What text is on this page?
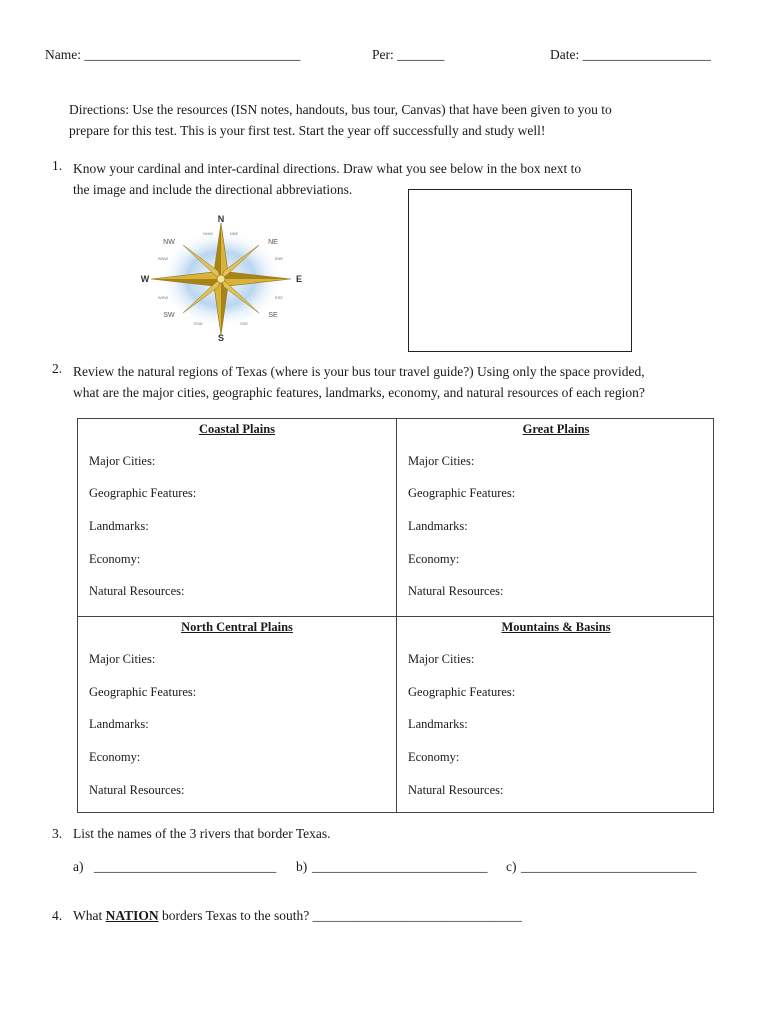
Name: ________________________________	Per: _______	Date: ___________________
Directions: Use the resources (ISN notes, handouts, bus tour, Canvas) that have been given to you to
prepare for this test. This is your first test. Start the year off successfully and study well!
1. Know your cardinal and inter-cardinal directions. Draw what you see below in the box next to
the image and include the directional abbreviations.
N
S
E
W
NW	NE
SW	SE
NNW	NNE
WNW	ENE
WSW	ESE
SSW	SSE
2. Review the natural regions of Texas (where is your bus tour travel guide?) Using only the space provided,
what are the major cities, geographic features, landmarks, economy, and natural resources of each region?
Coastal Plains
Major Cities:
Geographic Features:
Landmarks:
Economy:
Natural Resources:
Great Plains
Major Cities:
Geographic Features:
Landmarks:
Economy:
Natural Resources:
North Central Plains
Major Cities:
Geographic Features:
Landmarks:
Economy:
Natural Resources:
Mountains & Basins
Major Cities:
Geographic Features:
Landmarks:
Economy:
Natural Resources:
3. List the names of the 3 rivers that border Texas.
a) ___________________________ b) __________________________ c) __________________________
4. What NATION borders Texas to the south? _______________________________
